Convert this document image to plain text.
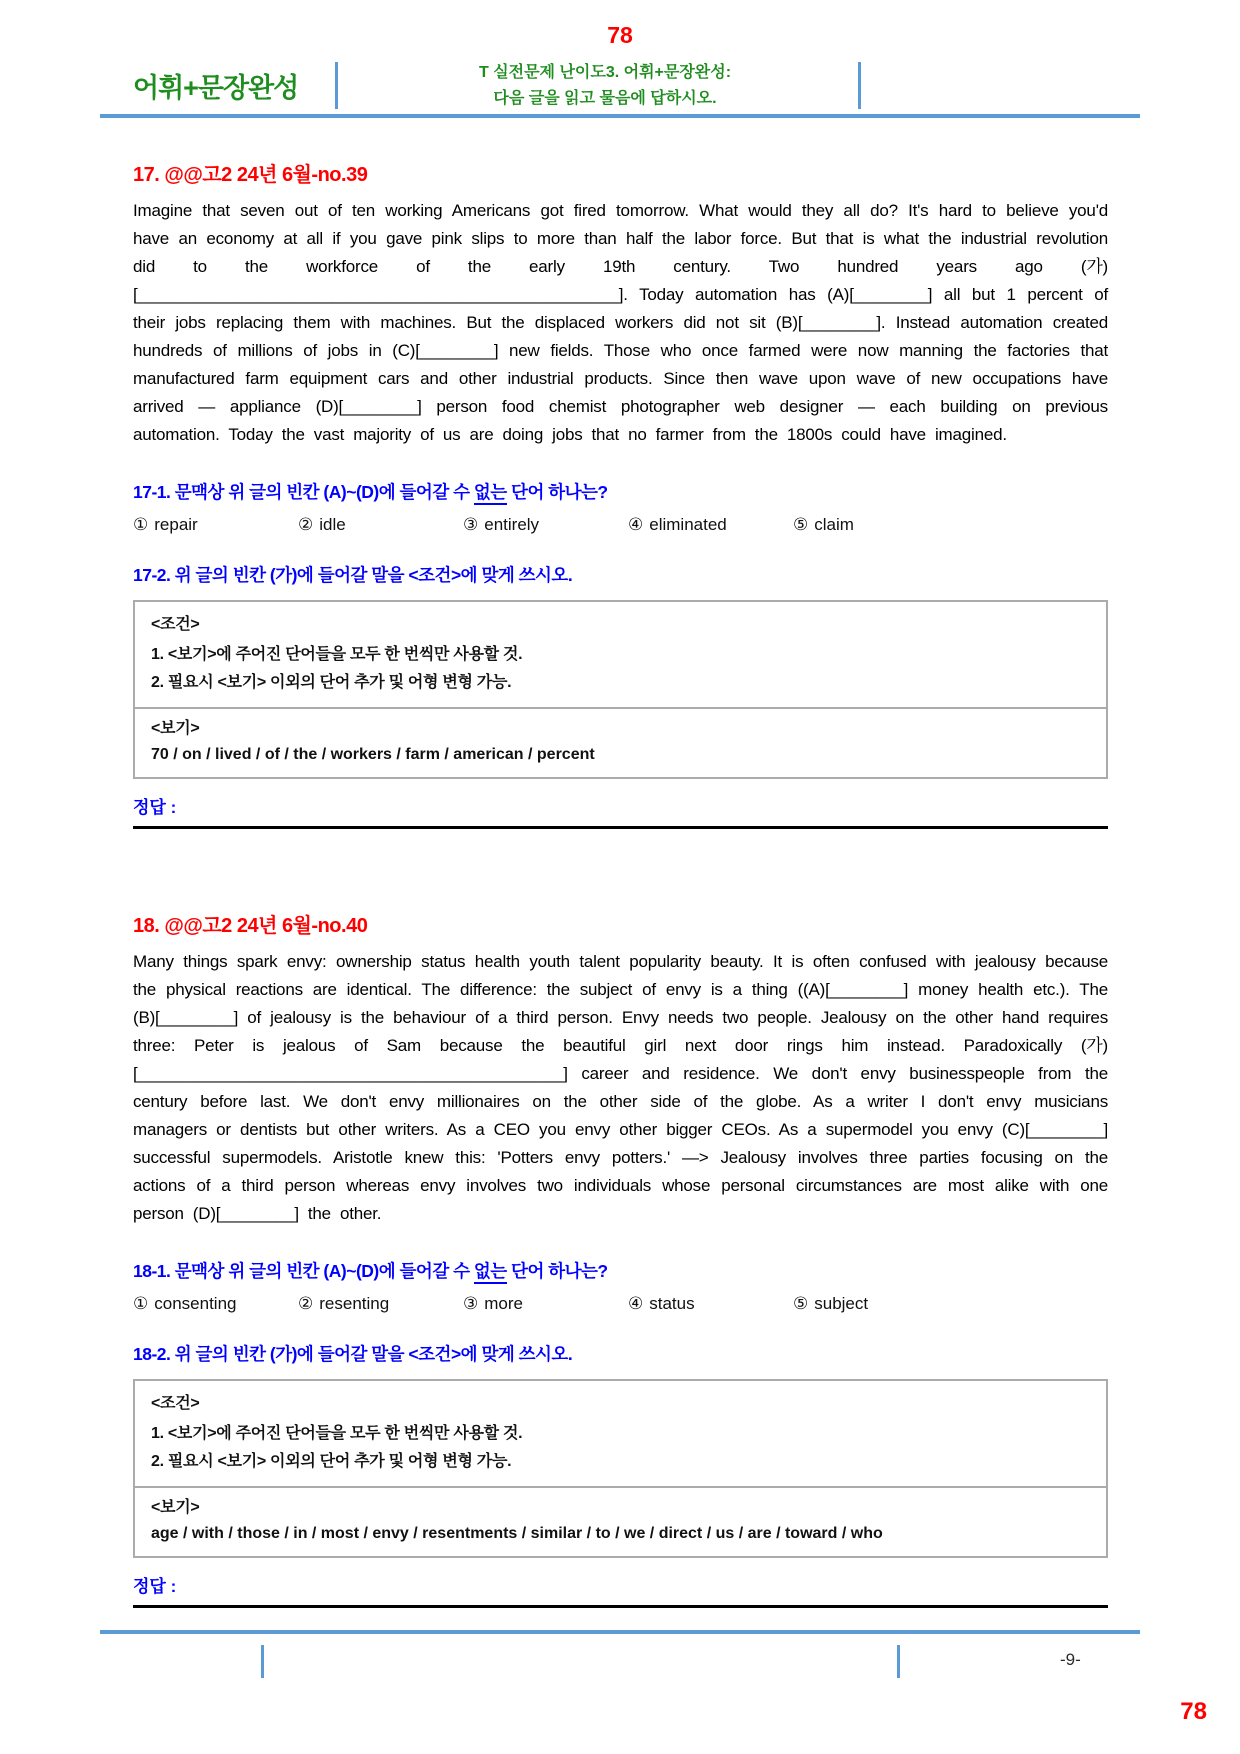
78
어휘+문장완성
T 실전문제 난이도3. 어휘+문장완성:
다음 글을 읽고 물음에 답하시오.
17. @@고2 24년 6월-no.39
Imagine that seven out of ten working Americans got fired tomorrow. What would they all do? It's hard to believe you'd have an economy at all if you gave pink slips to more than half the labor force. But that is what the industrial revolution did to the workforce of the early 19th century. Two hundred years ago (가)[____________________________________________________]. Today automation has (A)[________] all but 1 percent of their jobs replacing them with machines. But the displaced workers did not sit (B)[________]. Instead automation created hundreds of millions of jobs in (C)[________] new fields. Those who once farmed were now manning the factories that manufactured farm equipment cars and other industrial products. Since then wave upon wave of new occupations have arrived — appliance (D)[________] person food chemist photographer web designer — each building on previous automation. Today the vast majority of us are doing jobs that no farmer from the 1800s could have imagined.
17-1. 문맥상 위 글의 빈칸 (A)~(D)에 들어갈 수 없는 단어 하나는?
① repair	② idle	③ entirely	④ eliminated	⑤ claim
17-2. 위 글의 빈칸 (가)에 들어갈 말을 <조건>에 맞게 쓰시오.
<조건>
1. <보기>에 주어진 단어들을 모두 한 번씩만 사용할 것.
2. 필요시 <보기> 이외의 단어 추가 및 어형 변형 가능.
<보기>
70 / on / lived / of / the / workers / farm / american / percent
정답 :
18. @@고2 24년 6월-no.40
Many things spark envy: ownership status health youth talent popularity beauty. It is often confused with jealousy because the physical reactions are identical. The difference: the subject of envy is a thing ((A)[________] money health etc.). The (B)[________] of jealousy is the behaviour of a third person. Envy needs two people. Jealousy on the other hand requires three: Peter is jealous of Sam because the beautiful girl next door rings him instead. Paradoxically (가)[______________________________________________] career and residence. We don't envy businesspeople from the century before last. We don't envy millionaires on the other side of the globe. As a writer I don't envy musicians managers or dentists but other writers. As a CEO you envy other bigger CEOs. As a supermodel you envy (C)[________] successful supermodels. Aristotle knew this: 'Potters envy potters.' —> Jealousy involves three parties focusing on the actions of a third person whereas envy involves two individuals whose personal circumstances are most alike with one person (D)[________] the other.
18-1. 문맥상 위 글의 빈칸 (A)~(D)에 들어갈 수 없는 단어 하나는?
① consenting	② resenting	③ more	④ status	⑤ subject
18-2. 위 글의 빈칸 (가)에 들어갈 말을 <조건>에 맞게 쓰시오.
<조건>
1. <보기>에 주어진 단어들을 모두 한 번씩만 사용할 것.
2. 필요시 <보기> 이외의 단어 추가 및 어형 변형 가능.
<보기>
age / with / those / in / most / envy / resentments / similar / to / we / direct / us / are / toward / who
정답 :
-9-
78
